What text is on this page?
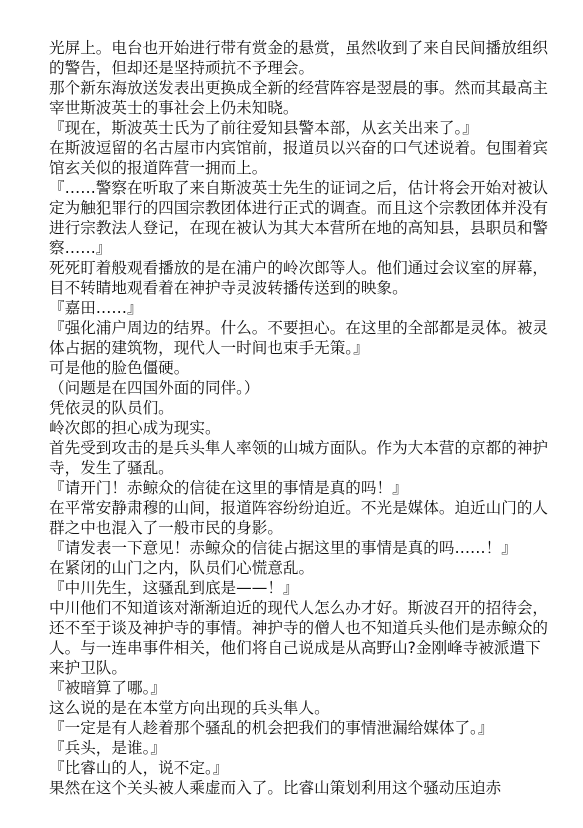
光屏上。电台也开始进行带有赏金的悬赏，虽然收到了来自民间播放组织的警告，但却还是坚持顽抗不予理会。

那个新东海放送发表出更换成全新的经营阵容是翌晨的事。然而其最高主宰世斯波英士的事社会上仍未知晓。

『现在，斯波英士氏为了前往爱知县警本部，从玄关出来了。』

在斯波逗留的名古屋市内宾馆前，报道员以兴奋的口气述说着。包围着宾馆玄关似的报道阵营一拥而上。

『……警察在听取了来自斯波英士先生的证词之后，估计将会开始对被认定为触犯罪行的四国宗教团体进行正式的调查。而且这个宗教团体并没有进行宗教法人登记，在现在被认为其大本营所在地的高知县，县职员和警察……』

死死盯着般观看播放的是在浦户的岭次郎等人。他们通过会议室的屏幕，目不转睛地观看着在神护寺灵波转播传送到的映象。

『嘉田……』

『强化浦户周边的结界。什么。不要担心。在这里的全部都是灵体。被灵体占据的建筑物，现代人一时间也束手无策。』

可是他的脸色僵硬。

（问题是在四国外面的同伴。）

凭依灵的队员们。

岭次郎的担心成为现实。

首先受到攻击的是兵头隼人率领的山城方面队。作为大本营的京都的神护寺，发生了骚乱。

『请开门！赤鲸众的信徒在这里的事情是真的吗！』

在平常安静肃穆的山间，报道阵容纷纷迫近。不光是媒体。迫近山门的人群之中也混入了一般市民的身影。

『请发表一下意见！赤鲸众的信徒占据这里的事情是真的吗……！』

在紧闭的山门之内，队员们心慌意乱。

『中川先生，这骚乱到底是——！』

中川他们不知道该对渐渐迫近的现代人怎么办才好。斯波召开的招待会，还不至于谈及神护寺的事情。神护寺的僧人也不知道兵头他们是赤鲸众的人。与一连串事件相关，他们将自己说成是从高野山?金刚峰寺被派遣下来护卫队。

『被暗算了哪。』

这么说的是在本堂方向出现的兵头隼人。

『一定是有人趁着那个骚乱的机会把我们的事情泄漏给媒体了。』

『兵头，是谁。』

『比睿山的人，说不定。』

果然在这个关头被人乘虚而入了。比睿山策划利用这个骚动压迫赤
